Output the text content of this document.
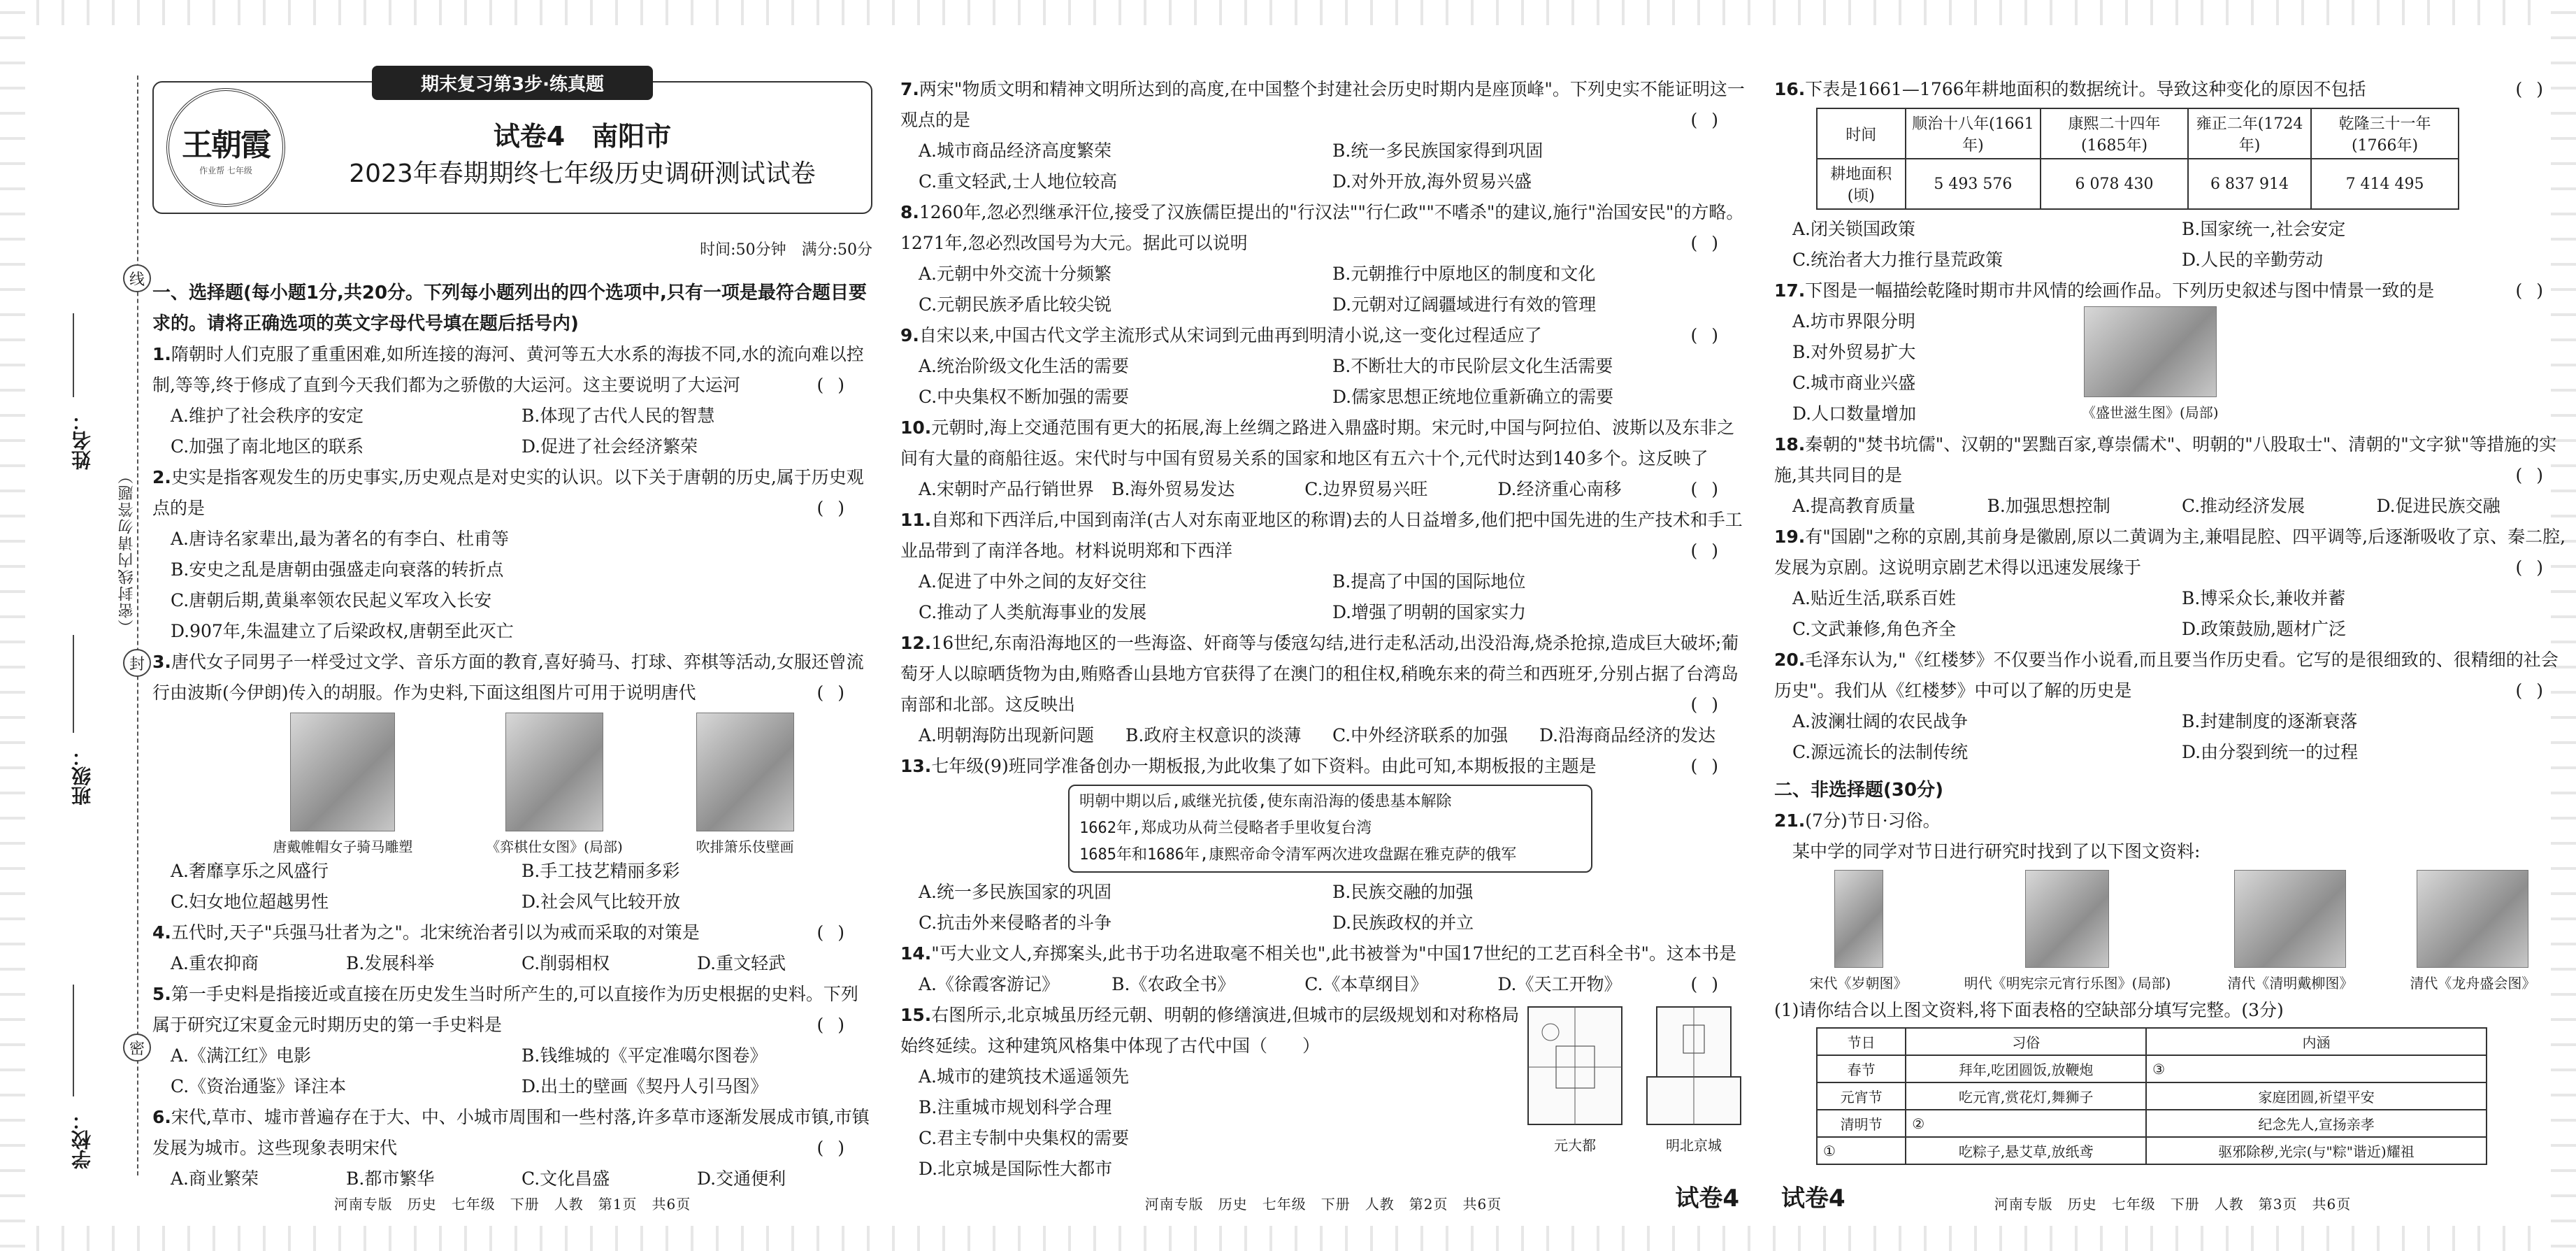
姓名：
班级：
学校：
（密封线内请勿答题）
线
封
密
期末复习第3步·练真题
王朝霞
作业帮 七年级
试卷4　南阳市
2023年春期期终七年级历史调研测试试卷
时间:50分钟　满分:50分
一、选择题(每小题1分,共20分。下列每小题列出的四个选项中,只有一项是最符合题目要求的。请将正确选项的英文字母代号填在题后括号内)
1.隋朝时人们克服了重重困难,如所连接的海河、黄河等五大水系的海拔不同,水的流向难以控制,等等,终于修成了直到今天我们都为之骄傲的大运河。这主要说明了大运河	()
A.维护了社会秩序的安定	B.体现了古代人民的智慧
C.加强了南北地区的联系	D.促进了社会经济繁荣
2.史实是指客观发生的历史事实,历史观点是对史实的认识。以下关于唐朝的历史,属于历史观点的是	()
A.唐诗名家辈出,最为著名的有李白、杜甫等
B.安史之乱是唐朝由强盛走向衰落的转折点
C.唐朝后期,黄巢率领农民起义军攻入长安
D.907年,朱温建立了后梁政权,唐朝至此灭亡
3.唐代女子同男子一样受过文学、音乐方面的教育,喜好骑马、打球、弈棋等活动,女服还曾流行由波斯(今伊朗)传入的胡服。作为史料,下面这组图片可用于说明唐代	()
唐戴帷帽女子骑马雕塑	《弈棋仕女图》(局部)	吹排箫乐伎壁画
A.奢靡享乐之风盛行	B.手工技艺精丽多彩
C.妇女地位超越男性	D.社会风气比较开放
4.五代时,天子"兵强马壮者为之"。北宋统治者引以为戒而采取的对策是	()
A.重农抑商	B.发展科举	C.削弱相权	D.重文轻武
5.第一手史料是指接近或直接在历史发生当时所产生的,可以直接作为历史根据的史料。下列属于研究辽宋夏金元时期历史的第一手史料是	()
A.《满江红》电影	B.钱维城的《平定准噶尔图卷》
C.《资治通鉴》译注本	D.出土的壁画《契丹人引马图》
6.宋代,草市、墟市普遍存在于大、中、小城市周围和一些村落,许多草市逐渐发展成市镇,市镇发展为城市。这些现象表明宋代	()
A.商业繁荣	B.都市繁华	C.文化昌盛	D.交通便利
河南专版　历史　七年级　下册　人教　第1页　共6页
7.两宋"物质文明和精神文明所达到的高度,在中国整个封建社会历史时期内是座顶峰"。下列史实不能证明这一观点的是	()
A.城市商品经济高度繁荣	B.统一多民族国家得到巩固
C.重文轻武,士人地位较高	D.对外开放,海外贸易兴盛
8.1260年,忽必烈继承汗位,接受了汉族儒臣提出的"行汉法""行仁政""不嗜杀"的建议,施行"治国安民"的方略。1271年,忽必烈改国号为大元。据此可以说明	()
A.元朝中外交流十分频繁	B.元朝推行中原地区的制度和文化
C.元朝民族矛盾比较尖锐	D.元朝对辽阔疆域进行有效的管理
9.自宋以来,中国古代文学主流形式从宋词到元曲再到明清小说,这一变化过程适应了	()
A.统治阶级文化生活的需要	B.不断壮大的市民阶层文化生活需要
C.中央集权不断加强的需要	D.儒家思想正统地位重新确立的需要
10.元朝时,海上交通范围有更大的拓展,海上丝绸之路进入鼎盛时期。宋元时,中国与阿拉伯、波斯以及东非之间有大量的商船往返。宋代时与中国有贸易关系的国家和地区有五六十个,元代时达到140多个。这反映了
()
A.宋朝时产品行销世界	B.海外贸易发达	C.边界贸易兴旺	D.经济重心南移
11.自郑和下西洋后,中国到南洋(古人对东南亚地区的称谓)去的人日益增多,他们把中国先进的生产技术和手工业品带到了南洋各地。材料说明郑和下西洋	()
A.促进了中外之间的友好交往	B.提高了中国的国际地位
C.推动了人类航海事业的发展	D.增强了明朝的国家实力
12.16世纪,东南沿海地区的一些海盗、奸商等与倭寇勾结,进行走私活动,出没沿海,烧杀抢掠,造成巨大破坏;葡萄牙人以晾晒货物为由,贿赂香山县地方官获得了在澳门的租住权,稍晚东来的荷兰和西班牙,分别占据了台湾岛南部和北部。这反映出	()
A.明朝海防出现新问题	B.政府主权意识的淡薄	C.中外经济联系的加强	D.沿海商品经济的发达
13.七年级(9)班同学准备创办一期板报,为此收集了如下资料。由此可知,本期板报的主题是	()
明朝中期以后,戚继光抗倭,使东南沿海的倭患基本解除
1662年,郑成功从荷兰侵略者手里收复台湾
1685年和1686年,康熙帝命令清军两次进攻盘踞在雅克萨的俄军
A.统一多民族国家的巩固	B.民族交融的加强
C.抗击外来侵略者的斗争	D.民族政权的并立
14."丐大业文人,弃掷案头,此书于功名进取毫不相关也",此书被誉为"中国17世纪的工艺百科全书"。这本书是
()
A.《徐霞客游记》	B.《农政全书》	C.《本草纲目》	D.《天工开物》
15.右图所示,北京城虽历经元朝、明朝的修缮演进,但城市的层级规划和对称格局始终延续。这种建筑风格集中体现了古代中国（　　）
A.城市的建筑技术遥遥领先
B.注重城市规划科学合理
C.君主专制中央集权的需要
D.北京城是国际性大都市
元大都	明北京城
河南专版　历史　七年级　下册　人教　第2页　共6页	试卷4
16.下表是1661—1766年耕地面积的数据统计。导致这种变化的原因不包括	()
时间	顺治十八年(1661年)	康熙二十四年(1685年)	雍正二年(1724年)	乾隆三十一年(1766年)
耕地面积(顷)	5 493 576	6 078 430	6 837 914	7 414 495
A.闭关锁国政策	B.国家统一,社会安定
C.统治者大力推行垦荒政策	D.人民的辛勤劳动
17.下图是一幅描绘乾隆时期市井风情的绘画作品。下列历史叙述与图中情景一致的是	()
A.坊市界限分明
B.对外贸易扩大
C.城市商业兴盛
D.人口数量增加	《盛世滋生图》(局部)
18.秦朝的"焚书坑儒"、汉朝的"罢黜百家,尊崇儒术"、明朝的"八股取士"、清朝的"文字狱"等措施的实施,其共同目的是	()
A.提高教育质量	B.加强思想控制	C.推动经济发展	D.促进民族交融
19.有"国剧"之称的京剧,其前身是徽剧,原以二黄调为主,兼唱昆腔、四平调等,后逐渐吸收了京、秦二腔,发展为京剧。这说明京剧艺术得以迅速发展缘于	()
A.贴近生活,联系百姓	B.博采众长,兼收并蓄
C.文武兼修,角色齐全	D.政策鼓励,题材广泛
20.毛泽东认为,"《红楼梦》不仅要当作小说看,而且要当作历史看。它写的是很细致的、很精细的社会历史"。我们从《红楼梦》中可以了解的历史是	()
A.波澜壮阔的农民战争	B.封建制度的逐渐衰落
C.源远流长的法制传统	D.由分裂到统一的过程
二、非选择题(30分)
21.(7分)节日·习俗。
某中学的同学对节日进行研究时找到了以下图文资料:
宋代《岁朝图》	明代《明宪宗元宵行乐图》(局部)	清代《清明戴柳图》	清代《龙舟盛会图》
(1)请你结合以上图文资料,将下面表格的空缺部分填写完整。(3分)
节日	习俗	内涵
春节	拜年,吃团圆饭,放鞭炮	③
元宵节	吃元宵,赏花灯,舞狮子	家庭团圆,祈望平安
清明节	②	纪念先人,宣扬亲孝
①	吃粽子,悬艾草,放纸鸢	驱邪除秽,光宗(与"粽"谐近)耀祖
试卷4	河南专版　历史　七年级　下册　人教　第3页　共6页
